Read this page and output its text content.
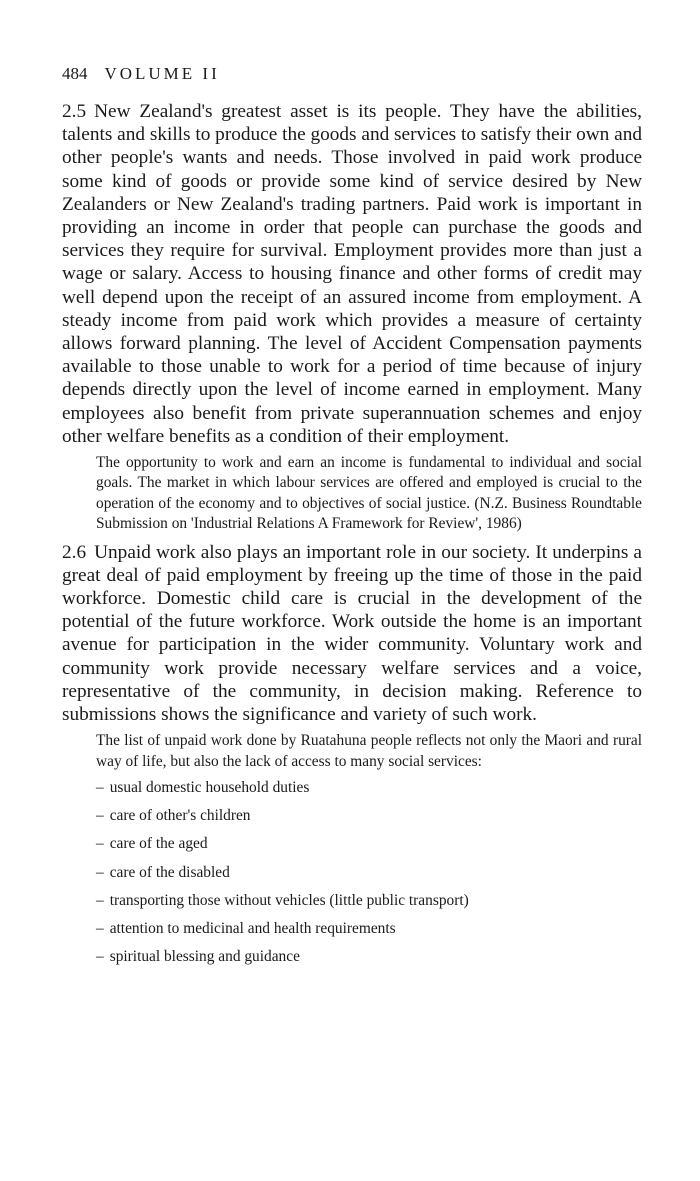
484 VOLUME II

2.5 New Zealand's greatest asset is its people. They have the abilities, talents and skills to produce the goods and services to satisfy their own and other people's wants and needs. Those involved in paid work produce some kind of goods or provide some kind of service desired by New Zealanders or New Zealand's trading partners. Paid work is important in providing an income in order that people can purchase the goods and services they require for survival. Employment provides more than just a wage or salary. Access to housing finance and other forms of credit may well depend upon the receipt of an assured income from employment. A steady income from paid work which provides a measure of certainty allows forward planning. The level of Accident Compensation payments available to those unable to work for a period of time because of injury depends directly upon the level of income earned in employment. Many employees also benefit from private superannuation schemes and enjoy other welfare benefits as a condition of their employment.

The opportunity to work and earn an income is fundamental to individual and social goals. The market in which labour services are offered and employed is crucial to the operation of the economy and to objectives of social justice. (N.Z. Business Roundtable Submission on 'Industrial Relations A Framework for Review', 1986)

2.6 Unpaid work also plays an important role in our society. It underpins a great deal of paid employment by freeing up the time of those in the paid workforce. Domestic child care is crucial in the development of the potential of the future workforce. Work outside the home is an important avenue for participation in the wider community. Voluntary work and community work provide necessary welfare services and a voice, representative of the community, in decision making. Reference to submissions shows the significance and variety of such work.

The list of unpaid work done by Ruatahuna people reflects not only the Maori and rural way of life, but also the lack of access to many social services:

– usual domestic household duties
– care of other's children
– care of the aged
– care of the disabled
– transporting those without vehicles (little public transport)
– attention to medicinal and health requirements
– spiritual blessing and guidance
